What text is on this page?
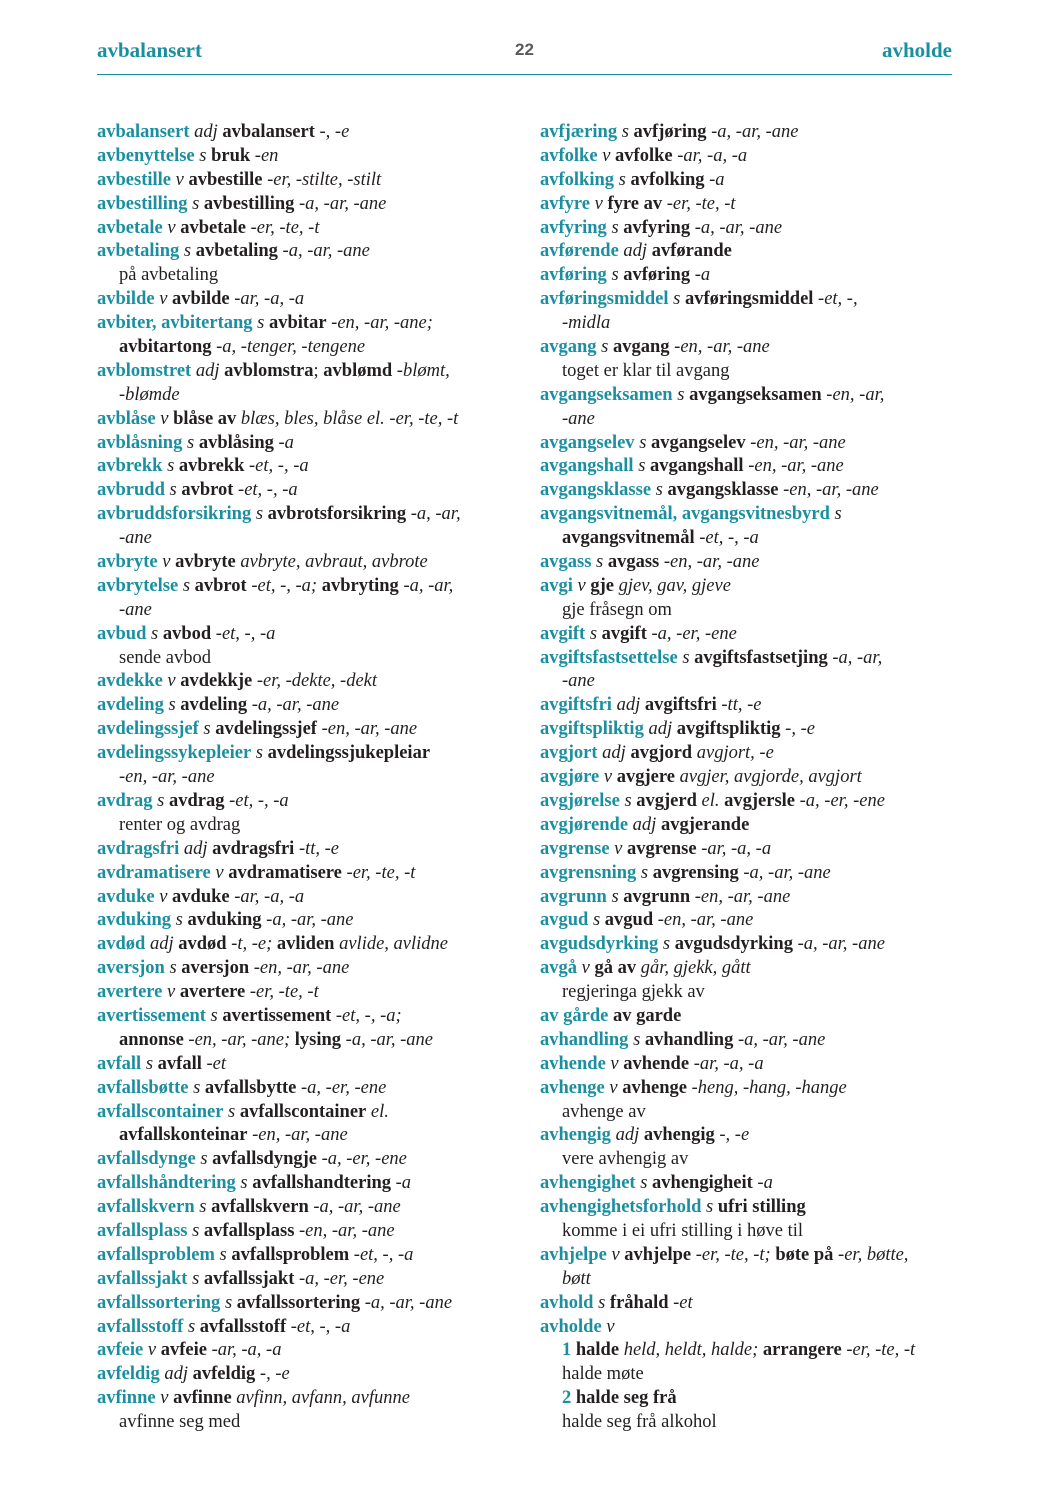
avbalansert	22	avholde
avbalansert adj avbalansert -, -e
avbenyttelse s bruk -en
avbestille v avbestille -er, -stilte, -stilt
avbestilling s avbestilling -a, -ar, -ane
avbetale v avbetale -er, -te, -t
avbetaling s avbetaling -a, -ar, -ane
på avbetaling
avbilde v avbilde -ar, -a, -a
avbiter, avbitertang s avbitar -en, -ar, -ane;
avbitartong -a, -tenger, -tengene
avblomstret adj avblomstra; avblømd -blømt,
-blømde
avblåse v blåse av blæs, bles, blåse el. -er, -te, -t
avblåsning s avblåsing -a
avbrekk s avbrekk -et, -, -a
avbrudd s avbrot -et, -, -a
avbruddsforsikring s avbrotsforsikring -a, -ar,
-ane
avbryte v avbryte avbryte, avbraut, avbrote
avbrytelse s avbrot -et, -, -a; avbryting -a, -ar,
-ane
avbud s avbod -et, -, -a
sende avbod
avdekke v avdekkje -er, -dekte, -dekt
avdeling s avdeling -a, -ar, -ane
avdelingssjef s avdelingssjef -en, -ar, -ane
avdelingssykepleier s avdelingssjukepleiar
-en, -ar, -ane
avdrag s avdrag -et, -, -a
renter og avdrag
avdragsfri adj avdragsfri -tt, -e
avdramatisere v avdramatisere -er, -te, -t
avduke v avduke -ar, -a, -a
avduking s avduking -a, -ar, -ane
avdød adj avdød -t, -e; avliden avlide, avlidne
aversjon s aversjon -en, -ar, -ane
avertere v avertere -er, -te, -t
avertissement s avertissement -et, -, -a;
annonse -en, -ar, -ane; lysing -a, -ar, -ane
avfall s avfall -et
avfallsbøtte s avfallsbytte -a, -er, -ene
avfallscontainer s avfallscontainer el.
avfallskonteinar -en, -ar, -ane
avfallsdynge s avfallsdyngje -a, -er, -ene
avfallshåndtering s avfallshandtering -a
avfallskvern s avfallskvern -a, -ar, -ane
avfallsplass s avfallsplass -en, -ar, -ane
avfallsproblem s avfallsproblem -et, -, -a
avfallssjakt s avfallssjakt -a, -er, -ene
avfallssortering s avfallssortering -a, -ar, -ane
avfallsstoff s avfallsstoff -et, -, -a
avfeie v avfeie -ar, -a, -a
avfeldig adj avfeldig -, -e
avfinne v avfinne avfinn, avfann, avfunne
avfinne seg med
avfjæring s avfjøring -a, -ar, -ane
avfolke v avfolke -ar, -a, -a
avfolking s avfolking -a
avfyre v fyre av -er, -te, -t
avfyring s avfyring -a, -ar, -ane
avførende adj avførande
avføring s avføring -a
avføringsmiddel s avføringsmiddel -et, -,
-midla
avgang s avgang -en, -ar, -ane
toget er klar til avgang
avgangseksamen s avgangseksamen -en, -ar,
-ane
avgangselev s avgangselev -en, -ar, -ane
avgangshall s avgangshall -en, -ar, -ane
avgangsklasse s avgangsklasse -en, -ar, -ane
avgangsvitnemål, avgangsvitnesbyrd s
avgangsvitnemål -et, -, -a
avgass s avgass -en, -ar, -ane
avgi v gje gjev, gav, gjeve
gje fråsegn om
avgift s avgift -a, -er, -ene
avgiftsfastsettelse s avgiftsfastsetjing -a, -ar,
-ane
avgiftsfri adj avgiftsfri -tt, -e
avgiftspliktig adj avgiftspliktig -, -e
avgjort adj avgjord avgjort, -e
avgjøre v avgjere avgjer, avgjorde, avgjort
avgjørelse s avgjerd el. avgjersle -a, -er, -ene
avgjørende adj avgjerande
avgrense v avgrense -ar, -a, -a
avgrensning s avgrensing -a, -ar, -ane
avgrunn s avgrunn -en, -ar, -ane
avgud s avgud -en, -ar, -ane
avgudsdyrking s avgudsdyrking -a, -ar, -ane
avgå v gå av går, gjekk, gått
regjeringa gjekk av
av gårde av garde
avhandling s avhandling -a, -ar, -ane
avhende v avhende -ar, -a, -a
avhenge v avhenge -heng, -hang, -hange
avhenge av
avhengig adj avhengig -, -e
vere avhengig av
avhengighet s avhengigheit -a
avhengighetsforhold s ufri stilling
komme i ei ufri stilling i høve til
avhjelpe v avhjelpe -er, -te, -t; bøte på -er, bøtte,
bøtt
avhold s fråhald -et
avholde v
1 halde held, heldt, halde; arrangere -er, -te, -t
halde møte
2 halde seg frå
halde seg frå alkohol
